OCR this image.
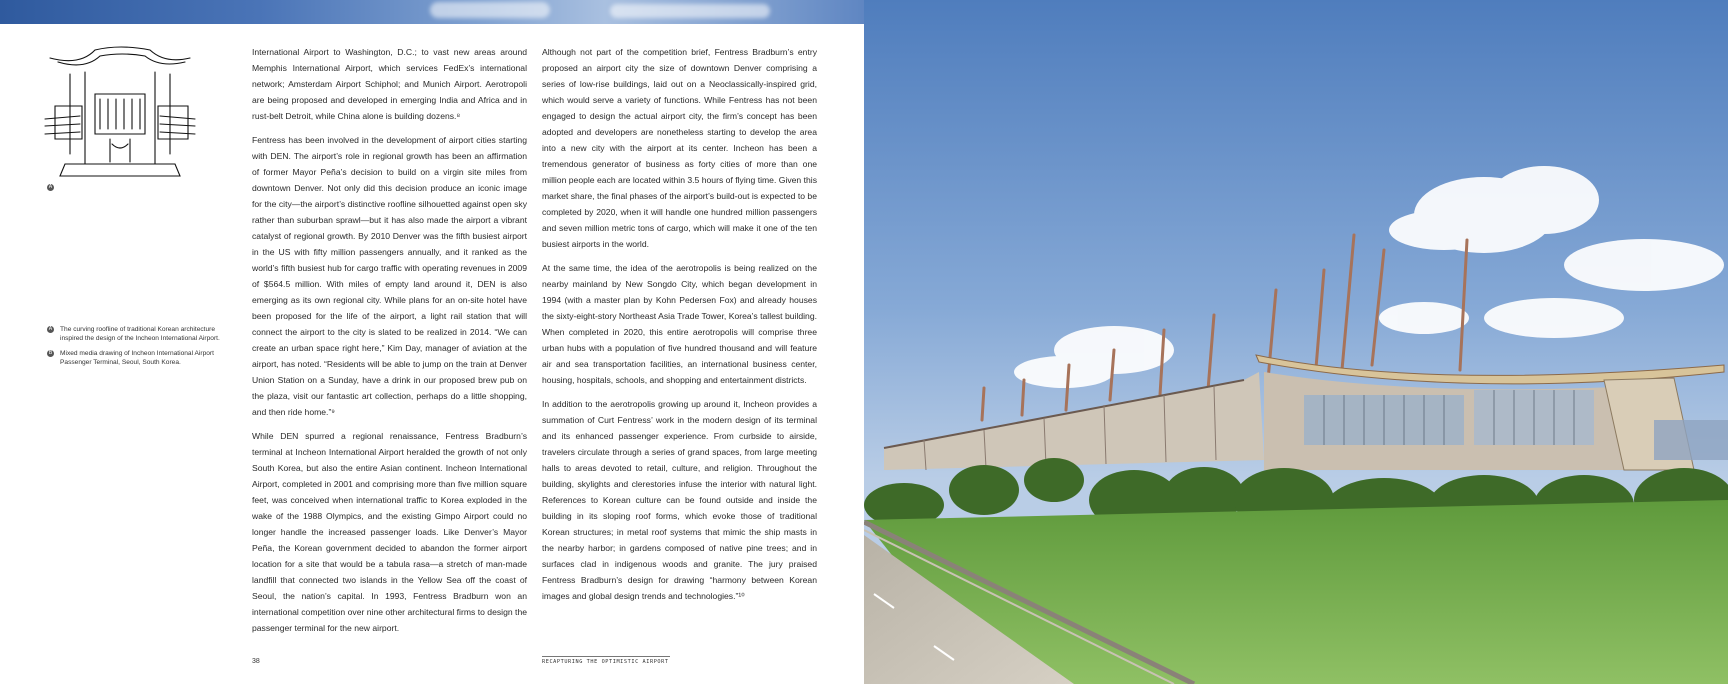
A
A The curving roofline of traditional Korean architecture inspired the design of the Incheon International Airport.
B Mixed media drawing of Incheon International Airport Passenger Terminal, Seoul, South Korea.

International Airport to Washington, D.C.; to vast new areas around Memphis International Airport, which services FedEx’s international network; Amsterdam Airport Schiphol; and Munich Airport. Aerotropoli are being proposed and developed in emerging India and Africa and in rust-belt Detroit, while China alone is building dozens.⁸

Fentress has been involved in the development of airport cities starting with DEN. The airport’s role in regional growth has been an affirmation of former Mayor Peña’s decision to build on a virgin site miles from downtown Denver. Not only did this decision produce an iconic image for the city—the airport’s distinctive roofline silhouetted against open sky rather than suburban sprawl—but it has also made the airport a vibrant catalyst of regional growth. By 2010 Denver was the fifth busiest airport in the US with fifty million passengers annually, and it ranked as the world’s fifth busiest hub for cargo traffic with operating revenues in 2009 of $564.5 million. With miles of empty land around it, DEN is also emerging as its own regional city. While plans for an on-site hotel have been proposed for the life of the airport, a light rail station that will connect the airport to the city is slated to be realized in 2014. “We can create an urban space right here,” Kim Day, manager of aviation at the airport, has noted. “Residents will be able to jump on the train at Denver Union Station on a Sunday, have a drink in our proposed brew pub on the plaza, visit our fantastic art collection, perhaps do a little shopping, and then ride home.”⁹

While DEN spurred a regional renaissance, Fentress Bradburn’s terminal at Incheon International Airport heralded the growth of not only South Korea, but also the entire Asian continent. Incheon International Airport, completed in 2001 and comprising more than five million square feet, was conceived when international traffic to Korea exploded in the wake of the 1988 Olympics, and the existing Gimpo Airport could no longer handle the increased passenger loads. Like Denver’s Mayor Peña, the Korean government decided to abandon the former airport location for a site that would be a tabula rasa—a stretch of man-made landfill that connected two islands in the Yellow Sea off the coast of Seoul, the nation’s capital. In 1993, Fentress Bradburn won an international competition over nine other architectural firms to design the passenger terminal for the new airport.

Although not part of the competition brief, Fentress Bradburn’s entry proposed an airport city the size of downtown Denver comprising a series of low-rise buildings, laid out on a Neoclassically-inspired grid, which would serve a variety of functions. While Fentress has not been engaged to design the actual airport city, the firm’s concept has been adopted and developers are nonetheless starting to develop the area into a new city with the airport at its center. Incheon has been a tremendous generator of business as forty cities of more than one million people each are located within 3.5 hours of flying time. Given this market share, the final phases of the airport’s build-out is expected to be completed by 2020, when it will handle one hundred million passengers and seven million metric tons of cargo, which will make it one of the ten busiest airports in the world.

At the same time, the idea of the aerotropolis is being realized on the nearby mainland by New Songdo City, which began development in 1994 (with a master plan by Kohn Pedersen Fox) and already houses the sixty-eight-story Northeast Asia Trade Tower, Korea’s tallest building. When completed in 2020, this entire aerotropolis will comprise three urban hubs with a population of five hundred thousand and will feature air and sea transportation facilities, an international business center, housing, hospitals, schools, and shopping and entertainment districts.

In addition to the aerotropolis growing up around it, Incheon provides a summation of Curt Fentress’ work in the modern design of its terminal and its enhanced passenger experience. From curbside to airside, travelers circulate through a series of grand spaces, from large meeting halls to areas devoted to retail, culture, and religion. Throughout the building, skylights and clerestories infuse the interior with natural light. References to Korean culture can be found outside and inside the building in its sloping roof forms, which evoke those of traditional Korean structures; in metal roof systems that mimic the ship masts in the nearby harbor; in gardens composed of native pine trees; and in surfaces clad in indigenous woods and granite. The jury praised Fentress Bradburn’s design for drawing “harmony between Korean images and global design trends and technologies.”¹⁰

38	RECAPTURING THE OPTIMISTIC AIRPORT
